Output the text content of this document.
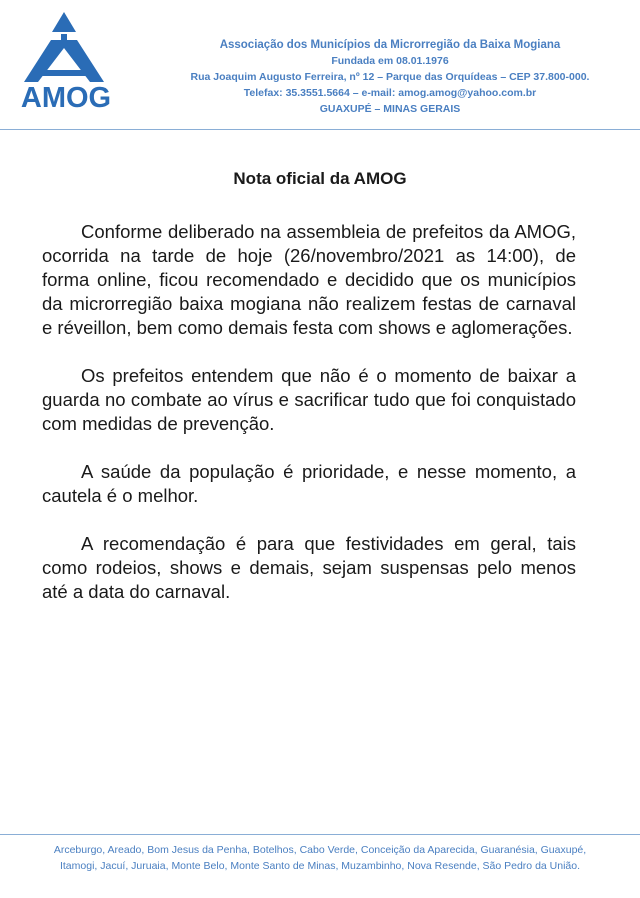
AMOG
Associação dos Municípios da Microrregião da Baixa Mogiana
Fundada em 08.01.1976
Rua Joaquim Augusto Ferreira, nº 12 – Parque das Orquídeas – CEP 37.800-000.
Telefax: 35.3551.5664 – e-mail: amog.amog@yahoo.com.br
GUAXUPÉ – MINAS GERAIS
Nota oficial da AMOG

Conforme deliberado na assembleia de prefeitos da AMOG, ocorrida na tarde de hoje (26/novembro/2021 as 14:00), de forma online, ficou recomendado e decidido que os municípios da microrregião baixa mogiana não realizem festas de carnaval e réveillon, bem como demais festa com shows e aglomerações.

Os prefeitos entendem que não é o momento de baixar a guarda no combate ao vírus e sacrificar tudo que foi conquistado com medidas de prevenção.

A saúde da população é prioridade, e nesse momento, a cautela é o melhor.

A recomendação é para que festividades em geral, tais como rodeios, shows e demais, sejam suspensas pelo menos até a data do carnaval.

Arceburgo, Areado, Bom Jesus da Penha, Botelhos, Cabo Verde, Conceição da Aparecida, Guaranésia, Guaxupé, Itamogi, Jacuí, Juruaia, Monte Belo, Monte Santo de Minas, Muzambinho, Nova Resende, São Pedro da União.
